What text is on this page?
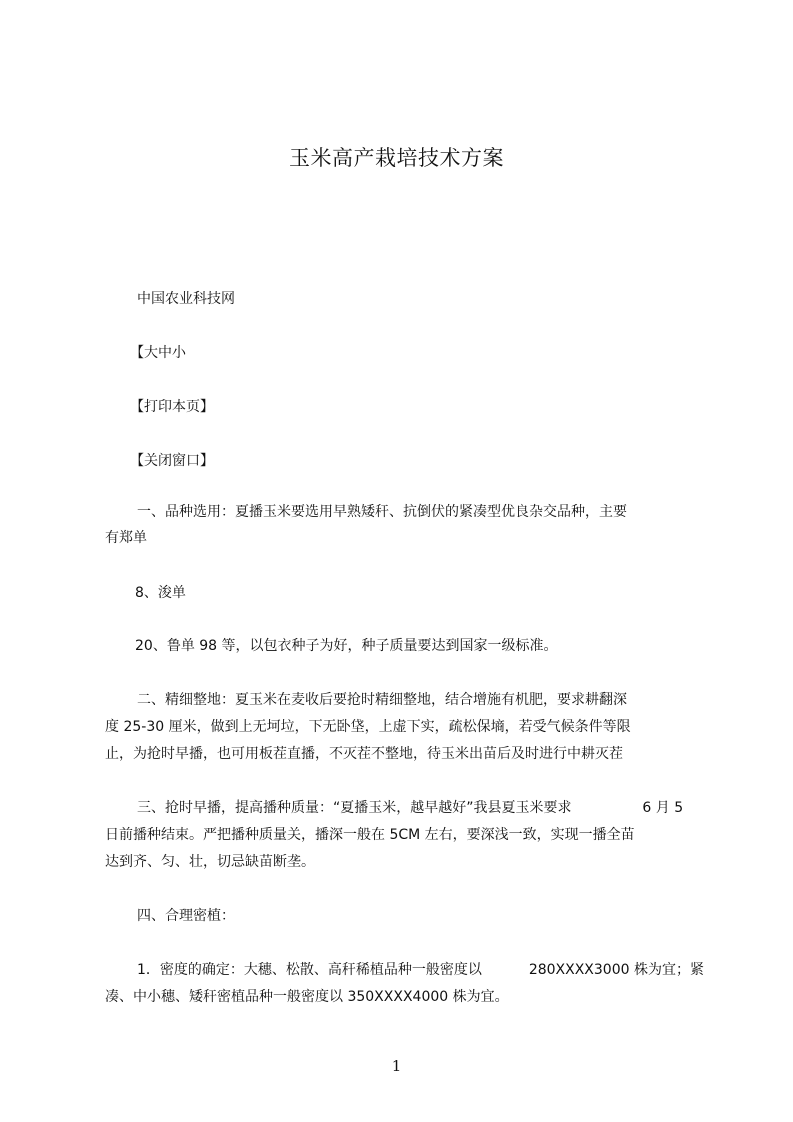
玉米高产栽培技术方案
中国农业科技网
【大中小
【打印本页】
【关闭窗口】
一、品种选用：夏播玉米要选用早熟矮秆、抗倒伏的紧凑型优良杂交品种，主要
有郑单
8、浚单
20、鲁单 98 等，以包衣种子为好，种子质量要达到国家一级标准。
二、精细整地：夏玉米在麦收后要抢时精细整地，结合增施有机肥，要求耕翻深
度 25-30 厘米，做到上无坷垃，下无卧垡，上虚下实，疏松保墒，若受气候条件等限
止，为抢时早播，也可用板茬直播，不灭茬不整地，待玉米出苗后及时进行中耕灭茬
三、抢时早播，提高播种质量：“夏播玉米，越早越好”我县夏玉米要求	6 月 5
日前播种结束。严把播种质量关，播深一般在 5CM 左右，要深浅一致，实现一播全苗
达到齐、匀、壮，切忌缺苗断垄。
四、合理密植：
1．密度的确定：大穗、松散、高秆稀植品种一般密度以	280XXXX3000 株为宜；紧
凑、中小穗、矮秆密植品种一般密度以 350XXXX4000 株为宜。
1
